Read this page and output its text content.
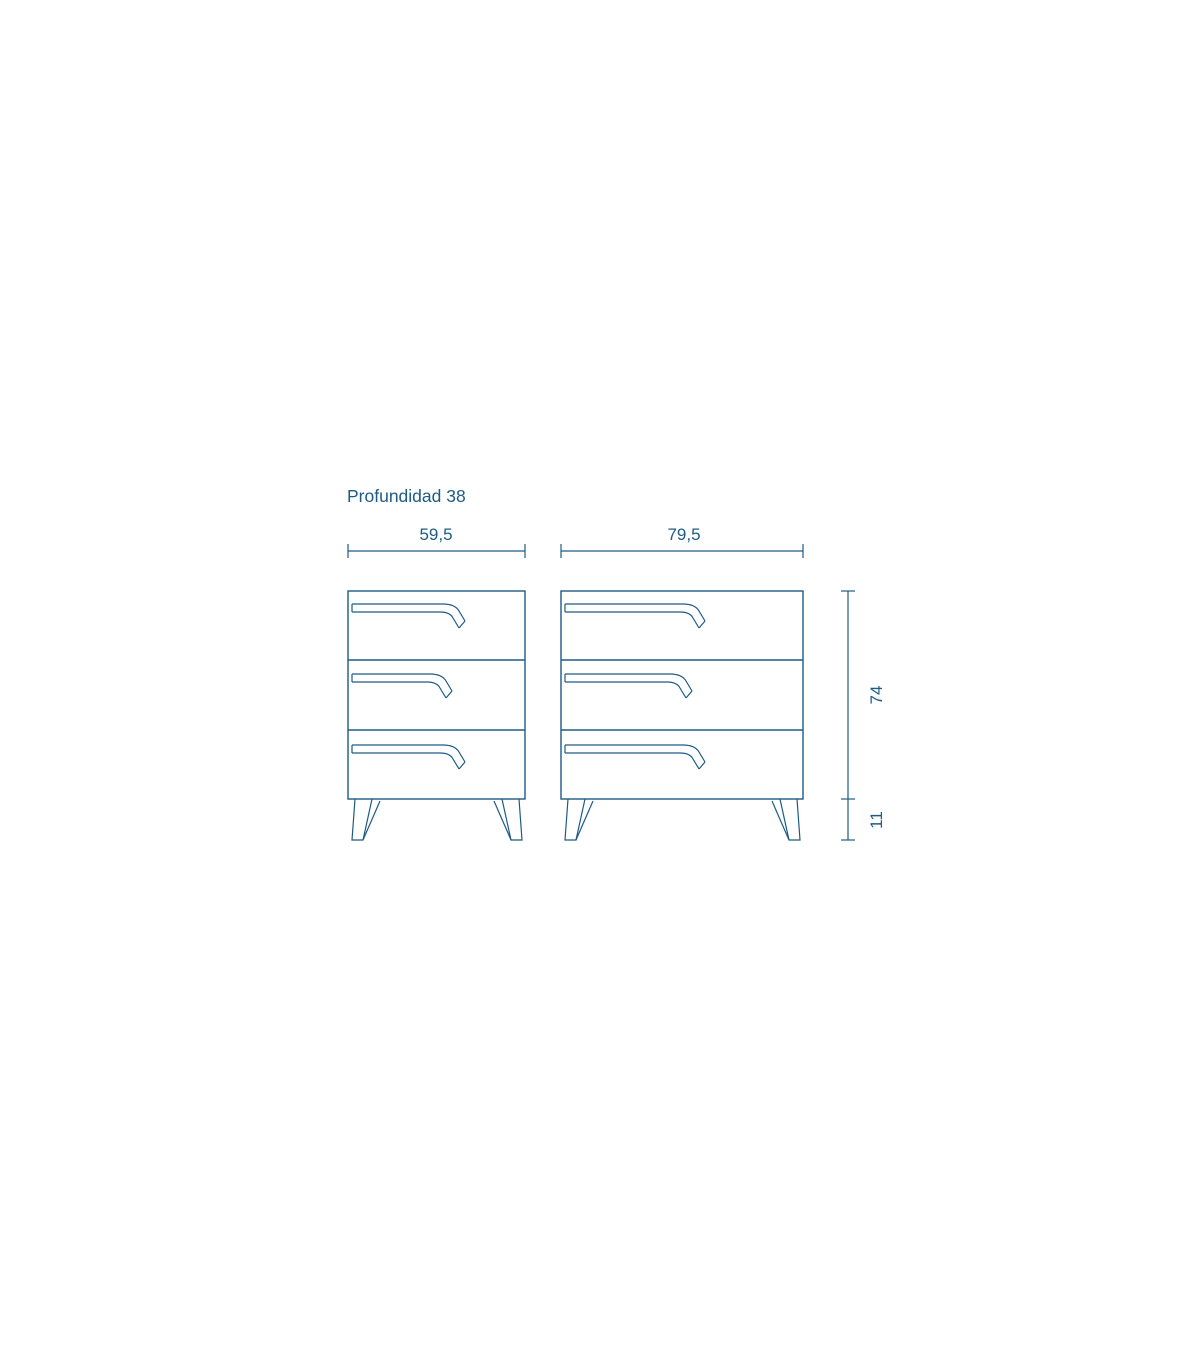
Profundidad 38
59,5	79,5
74
11
